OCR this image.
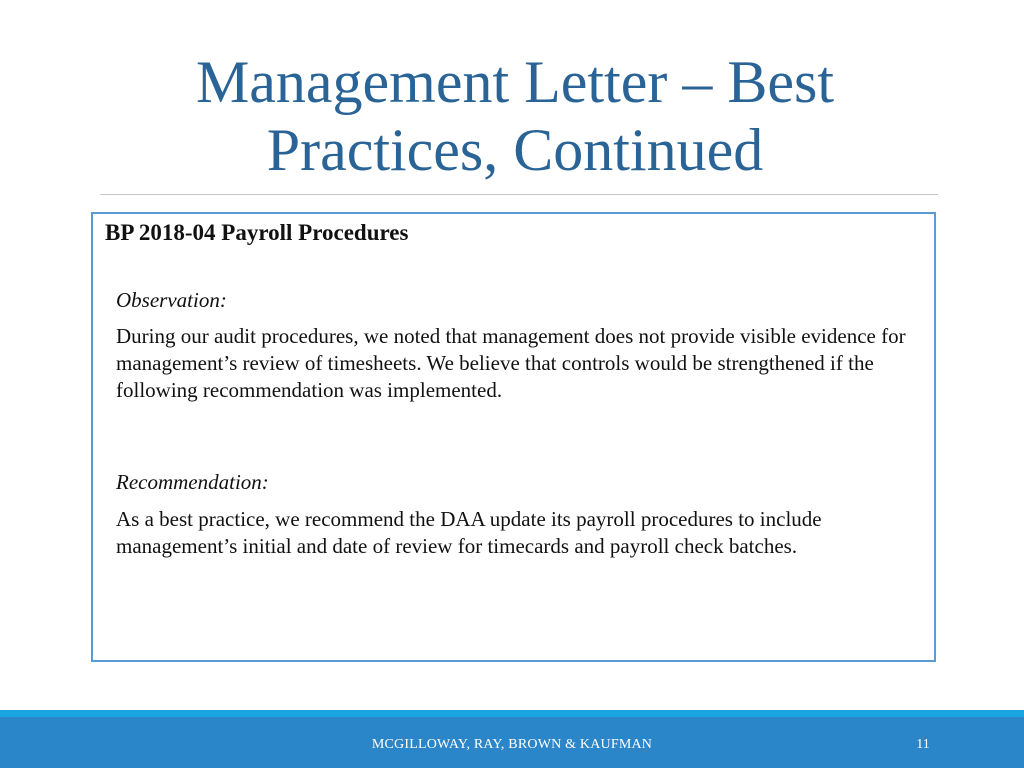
Management Letter – Best
Practices, Continued

BP 2018-04 Payroll Procedures

Observation:

During our audit procedures, we noted that management does not provide visible evidence for management’s review of timesheets. We believe that controls would be strengthened if the following recommendation was implemented.

Recommendation:

As a best practice, we recommend the DAA update its payroll procedures to include management’s initial and date of review for timecards and payroll check batches.

MCGILLOWAY, RAY, BROWN & KAUFMAN	11
